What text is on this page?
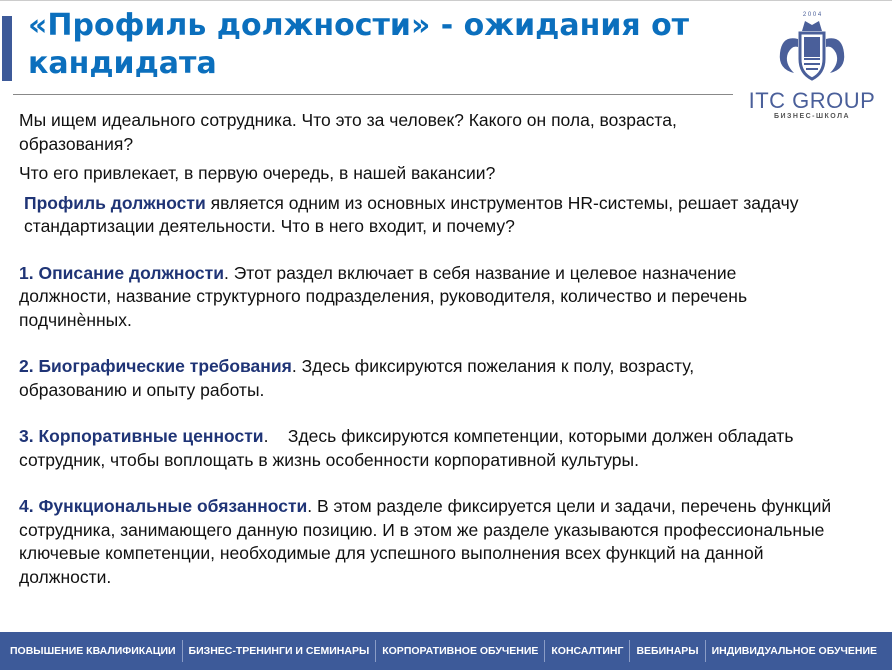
«Профиль должности» - ожидания от кандидата
2 0 0 4
ITC GROUP
БИЗНЕС-ШКОЛА

Мы ищем идеального сотрудника. Что это за человек? Какого он пола, возраста, образования?

Что его привлекает, в первую очередь, в нашей вакансии?

Профиль должности является одним из основных инструментов HR-системы, решает задачу стандартизации деятельности. Что в него входит, и почему?

1. Описание должности. Этот раздел включает в себя название и целевое назначение должности, название структурного подразделения, руководителя, количество и перечень подчинѐнных.

2. Биографические требования. Здесь фиксируются пожелания к полу, возрасту, образованию и опыту работы.

3. Корпоративные ценности.    Здесь фиксируются компетенции, которыми должен обладать сотрудник, чтобы воплощать в жизнь особенности корпоративной культуры.

4. Функциональные обязанности. В этом разделе фиксируется цели и задачи, перечень функций сотрудника, занимающего данную позицию. И в этом же разделе указываются профессиональные ключевые компетенции, необходимые для успешного выполнения всех функций на данной должности.

ПОВЫШЕНИЕ КВАЛИФИКАЦИИ	БИЗНЕС-ТРЕНИНГИ И СЕМИНАРЫ	КОРПОРАТИВНОЕ ОБУЧЕНИЕ	КОНСАЛТИНГ	ВЕБИНАРЫ	ИНДИВИДУАЛЬНОЕ ОБУЧЕНИЕ
